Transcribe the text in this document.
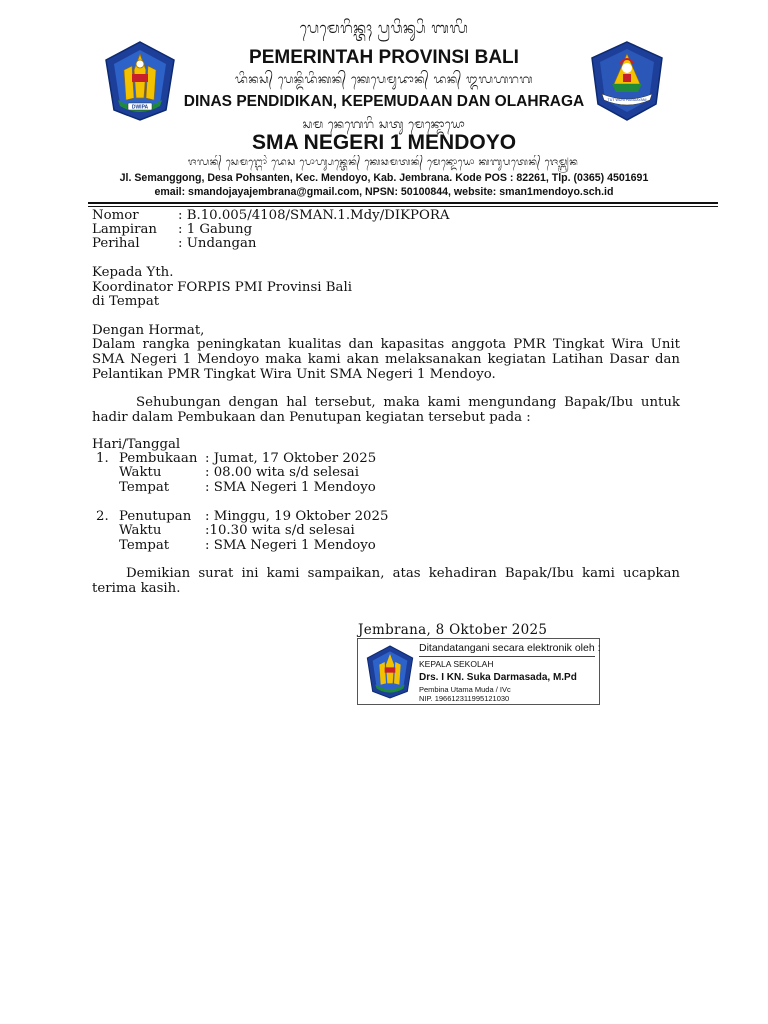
DWIPA
TUT WURI HANDAYANI
ᬧᬾᬫᬾᬭᬶᬦ᭄ᬢᬄ ᬧ᭄ᬭᬯᬶᬦ᭄ᬲᬶ ᬩᬮᬶ
PEMERINTAH PROVINSI BALI
ᬤᬶᬦᬲ᭄ ᬧᬾᬦ᭄ᬤᬶᬤᬶᬓᬦ᭄ ᬓᬾᬧᬾᬫᬸᬤᬵᬦ᭄ ᬤᬦ᭄ ᬑᬮᬳᬭᬕ
DINAS PENDIDIKAN, KEPEMUDAAN DAN OLAHRAGA
ᬲᬫ ᬦᬾᬕᬾᬭᬶ ᬲᬢᬸ ᬫᬾᬦ᭄ᬤᭀᬬᭀ
SMA NEGERI 1 MENDOYO
ᬚᬮᬦ᭄ ᬲᬾᬫᬗ᭄ᬕᭀᬂ ᬤᬾᬲ ᬧᭀᬳ᭄ᬲᬦ᭄ᬢᬾᬦ᭄ ᬓᬾᬘᬫᬢᬦ᭄ ᬫᬾᬦ᭄ᬤᭀᬬᭀ ᬓᬩᬸᬧᬢᬾᬦ᭄ ᬚᬾᬫ᭄ᬩ᭄ᬭᬦ
Jl. Semanggong, Desa Pohsanten, Kec. Mendoyo, Kab. Jembrana. Kode POS : 82261, Tlp. (0365) 4501691
email: smandojayajembrana@gmail.com, NPSN: 50100844, website: sman1mendoyo.sch.id
Nomor	: B.10.005/4108/SMAN.1.Mdy/DIKPORA
Lampiran : 1 Gabung
Perihal	: Undangan
Kepada Yth.
Koordinator FORPIS PMI Provinsi Bali
di Tempat
Dengan Hormat,
Dalam rangka peningkatan kualitas dan kapasitas anggota PMR Tingkat Wira Unit SMA Negeri 1 Mendoyo maka kami akan melaksanakan kegiatan Latihan Dasar dan Pelantikan PMR Tingkat Wira Unit SMA Negeri 1 Mendoyo.
Sehubungan dengan hal tersebut, maka kami mengundang Bapak/Ibu untuk hadir dalam Pembukaan dan Penutupan kegiatan tersebut pada :
Hari/Tanggal
1. Pembukaan : Jumat, 17 Oktober 2025
Waktu	: 08.00 wita s/d selesai
Tempat	: SMA Negeri 1 Mendoyo
2. Penutupan : Minggu, 19 Oktober 2025
Waktu	:10.30 wita s/d selesai
Tempat	: SMA Negeri 1 Mendoyo
Demikian surat ini kami sampaikan, atas kehadiran Bapak/Ibu kami ucapkan terima kasih.
Jembrana, 8 Oktober 2025
Ditandatangani secara elektronik oleh :
KEPALA SEKOLAH
Drs. I KN. Suka Darmasada, M.Pd
Pembina Utama Muda / IVc
NIP. 196612311995121030
